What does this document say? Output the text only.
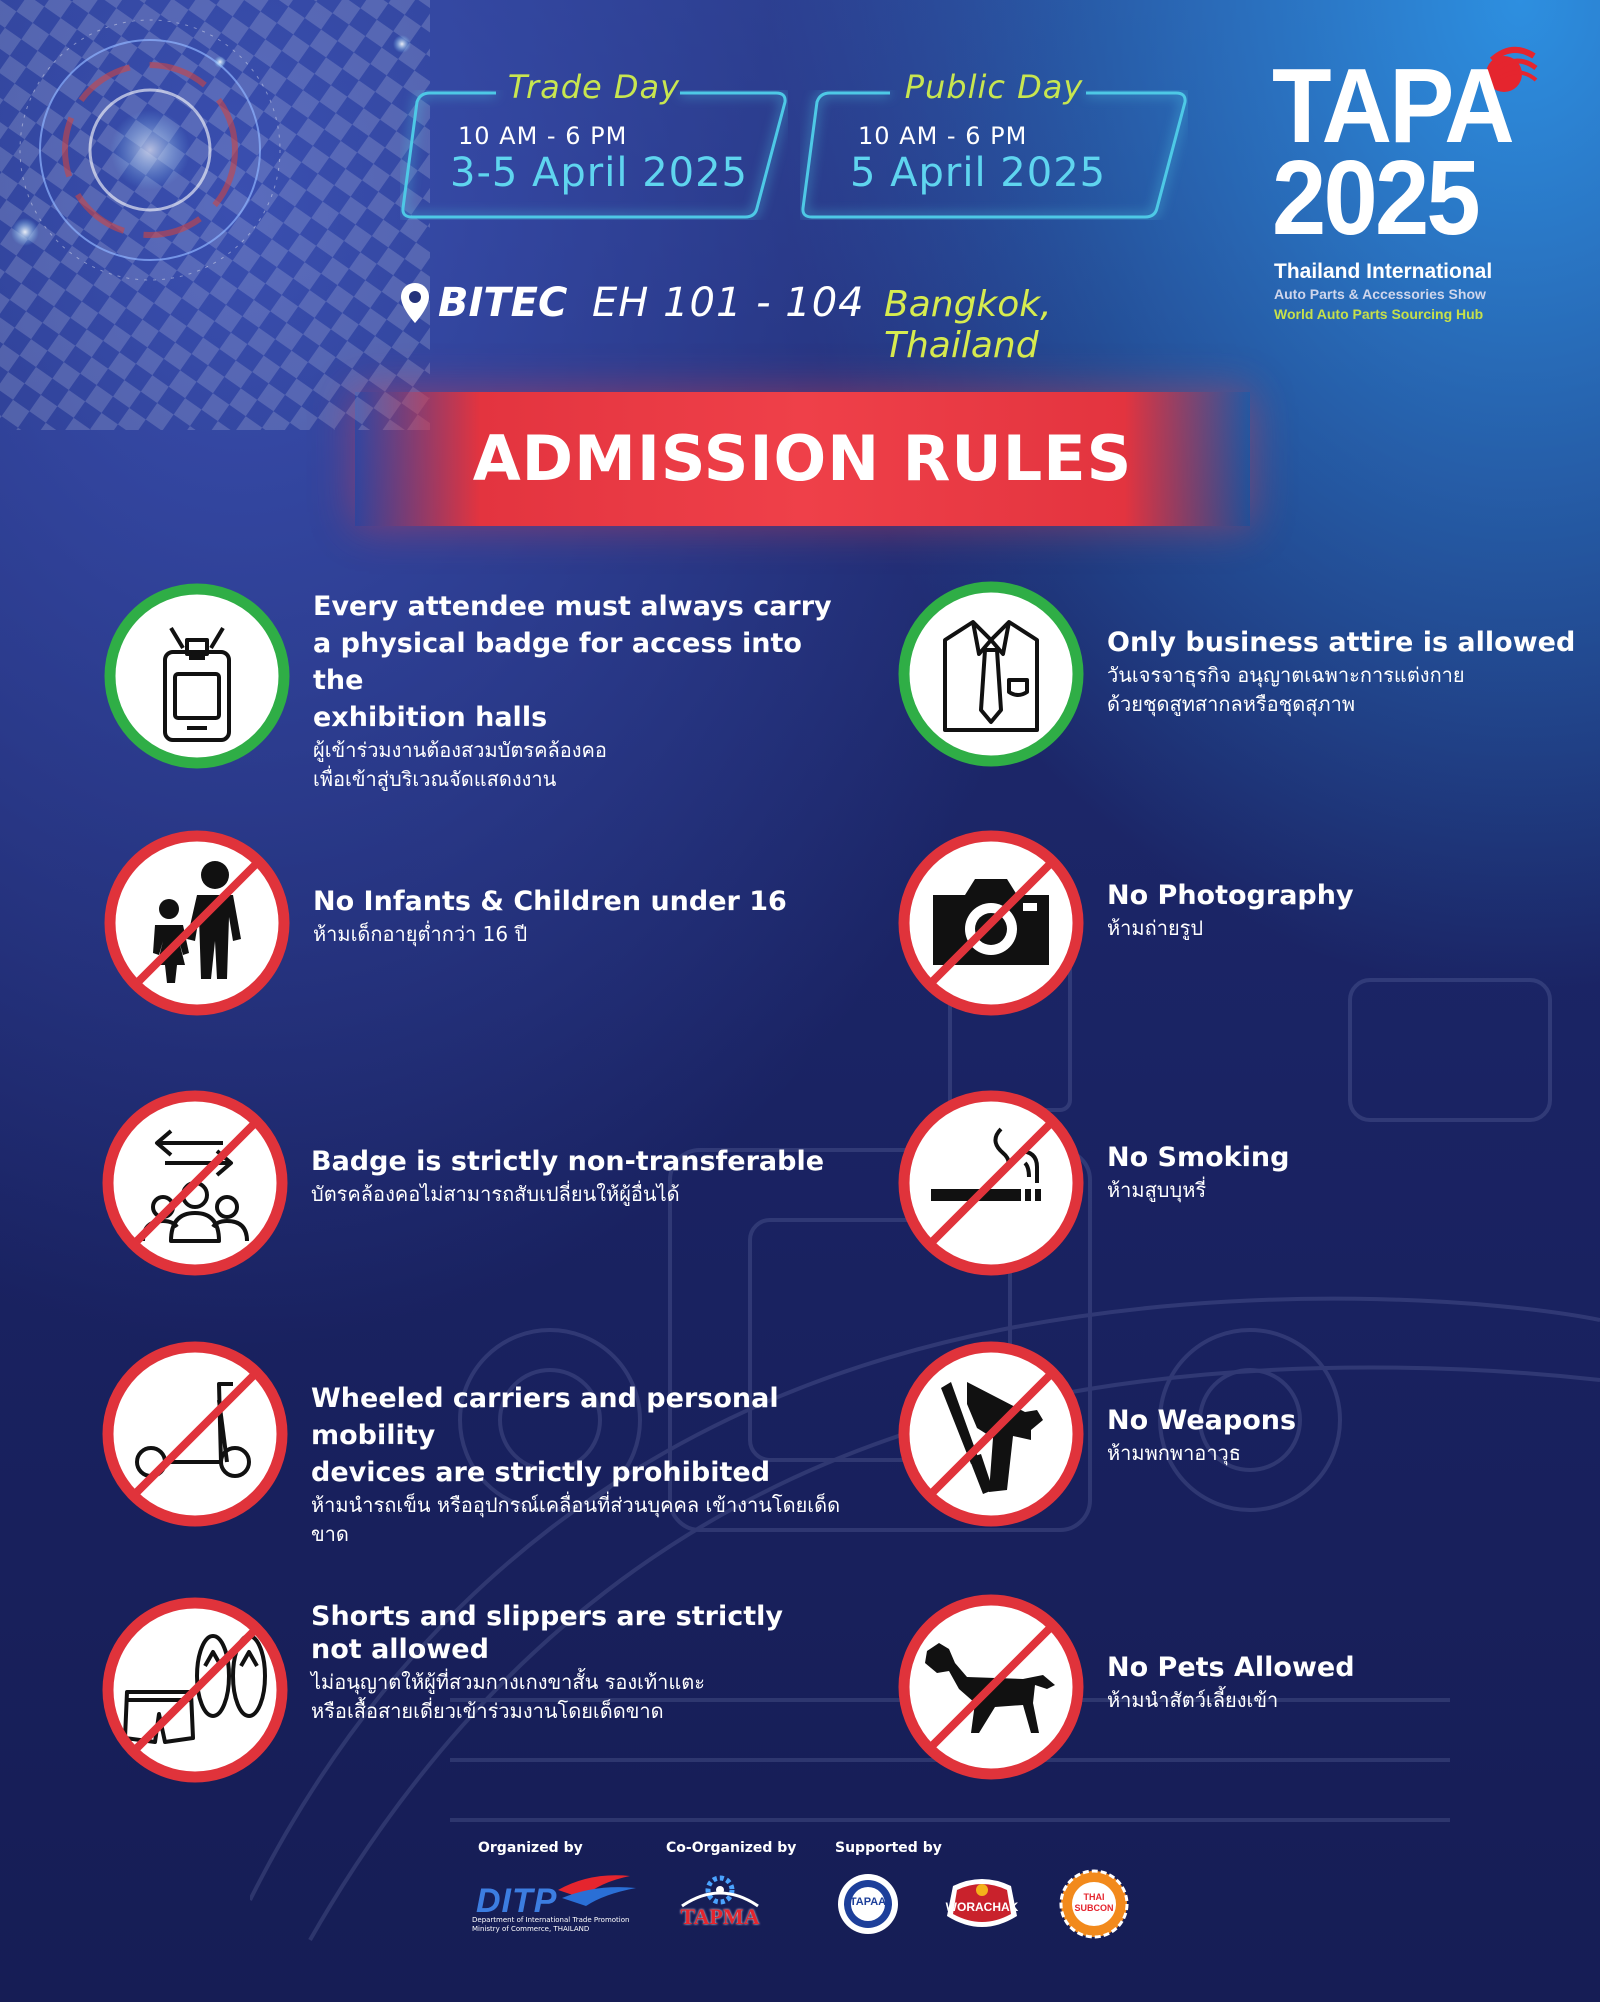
Trade Day
10 AM - 6 PM
3-5 April 2025
Public Day
10 AM - 6 PM
5 April 2025
BITEC EH 101 - 104 Bangkok, Thailand
TAPA
2025
Thailand International
Auto Parts & Accessories Show
World Auto Parts Sourcing Hub
ADMISSION RULES
Every attendee must always carry
a physical badge for access into the
exhibition halls
ผู้เข้าร่วมงานต้องสวมบัตรคล้องคอ
เพื่อเข้าสู่บริเวณจัดแสดงงาน
Only business attire is allowed
วันเจรจาธุรกิจ อนุญาตเฉพาะการแต่งกาย
ด้วยชุดสูทสากลหรือชุดสุภาพ
No Infants & Children under 16
ห้ามเด็กอายุต่ำกว่า 16 ปี
No Photography
ห้ามถ่ายรูป
Badge is strictly non-transferable
บัตรคล้องคอไม่สามารถสับเปลี่ยนให้ผู้อื่นได้
No Smoking
ห้ามสูบบุหรี่
Wheeled carriers and personal mobility
devices are strictly prohibited
ห้ามนำรถเข็น หรืออุปกรณ์เคลื่อนที่ส่วนบุคคล เข้างานโดยเด็ดขาด
No Weapons
ห้ามพกพาอาวุธ
Shorts and slippers are strictly
not allowed
ไม่อนุญาตให้ผู้ที่สวมกางเกงขาสั้น รองเท้าแตะ
หรือเสื้อสายเดี่ยวเข้าร่วมงานโดยเด็ดขาด
No Pets Allowed
ห้ามนำสัตว์เลี้ยงเข้า
Organized by	Co-Organized by	Supported by
DITP
Department of International Trade Promotion
Ministry of Commerce, THAILAND	TAPMA
TAPAA	WORACHAK
THAI
SUBCON
